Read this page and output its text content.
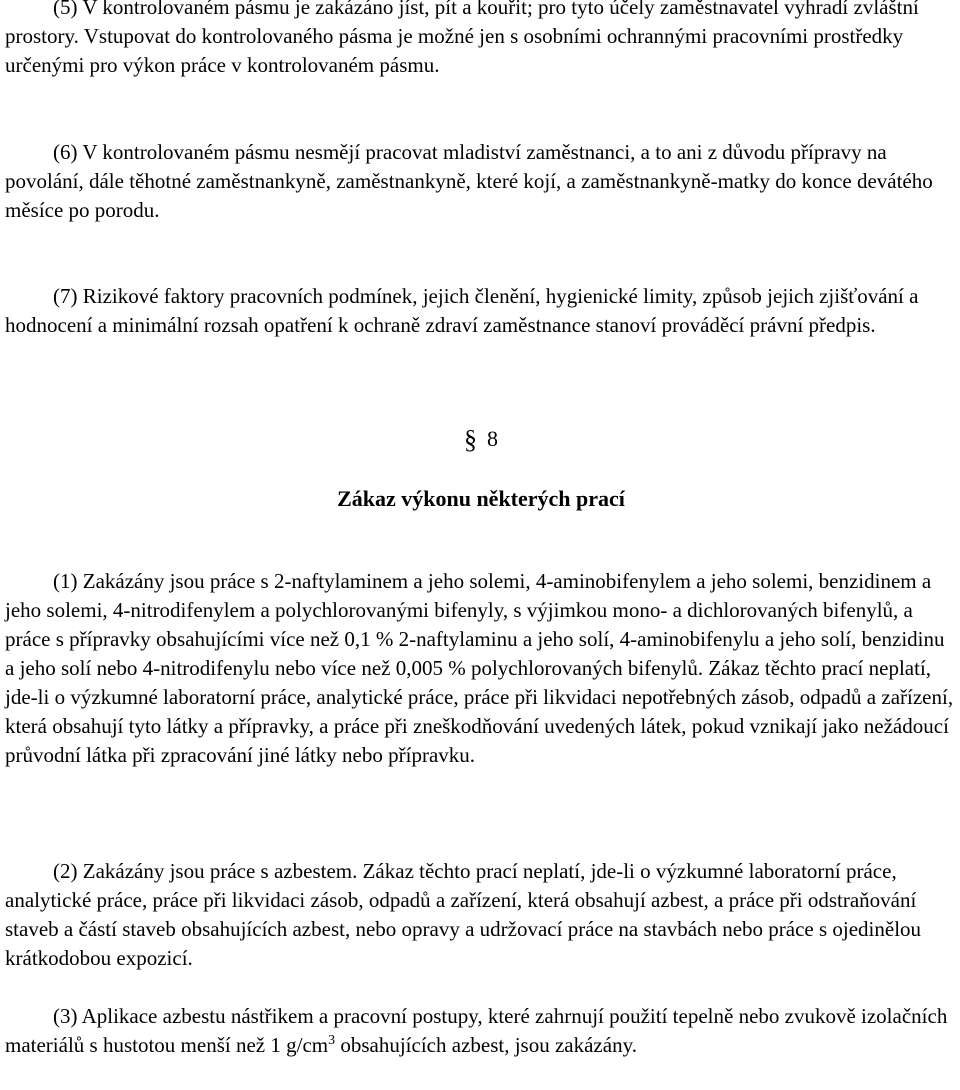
(5) V kontrolovaném pásmu je zakázáno jíst, pít a kouřit; pro tyto účely zaměstnavatel vyhradí zvláštní prostory. Vstupovat do kontrolovaného pásma je možné jen s osobními ochrannými pracovními prostředky určenými pro výkon práce v kontrolovaném pásmu.

(6) V kontrolovaném pásmu nesmějí pracovat mladiství zaměstnanci, a to ani z důvodu přípravy na povolání, dále těhotné zaměstnankyně, zaměstnankyně, které kojí, a zaměstnankyně-matky do konce devátého měsíce po porodu.

(7) Rizikové faktory pracovních podmínek, jejich členění, hygienické limity, způsob jejich zjišťování a hodnocení a minimální rozsah opatření k ochraně zdraví zaměstnance stanoví prováděcí právní předpis.

§ 8
Zákaz výkonu některých prací

(1) Zakázány jsou práce s 2-naftylaminem a jeho solemi, 4-aminobifenylem a jeho solemi, benzidinem a jeho solemi, 4-nitrodifenylem a polychlorovanými bifenyly, s výjimkou mono- a dichlorovaných bifenylů, a práce s přípravky obsahujícími více než 0,1 % 2-naftylaminu a jeho solí, 4-aminobifenylu a jeho solí, benzidinu a jeho solí nebo 4-nitrodifenylu nebo více než 0,005 % polychlorovaných bifenylů. Zákaz těchto prací neplatí, jde-li o výzkumné laboratorní práce, analytické práce, práce při likvidaci nepotřebných zásob, odpadů a zařízení, která obsahují tyto látky a přípravky, a práce při zneškodňování uvedených látek, pokud vznikají jako nežádoucí průvodní látka při zpracování jiné látky nebo přípravku.

(2) Zakázány jsou práce s azbestem. Zákaz těchto prací neplatí, jde-li o výzkumné laboratorní práce, analytické práce, práce při likvidaci zásob, odpadů a zařízení, která obsahují azbest, a práce při odstraňování staveb a částí staveb obsahujících azbest, nebo opravy a udržovací práce na stavbách nebo práce s ojedinělou krátkodobou expozicí.

(3) Aplikace azbestu nástřikem a pracovní postupy, které zahrnují použití tepelně nebo zvukově izolačních materiálů s hustotou menší než 1 $g/cm^3$ obsahujících azbest, jsou zakázány.
